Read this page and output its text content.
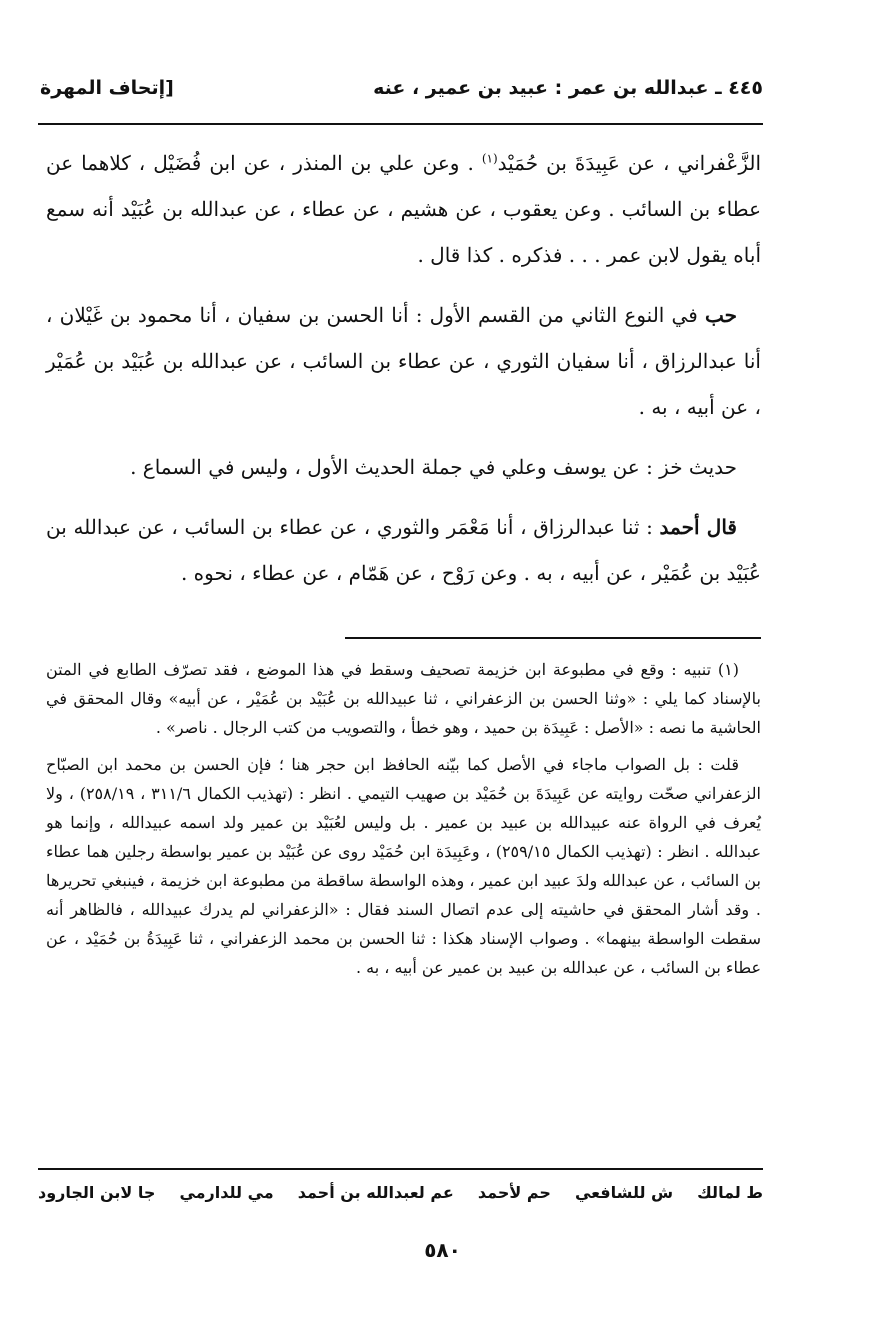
٤٤٥ ـ عبدالله بن عمر : عبيد بن عمير ، عنه
[إتحاف المهرة

الزَّعْفراني ، عن عَبِيدَةَ بن حُمَيْد$^{(١)}$ . وعن علي بن المنذر ، عن ابن فُضَيْل ، كلاهما عن عطاء بن السائب . وعن يعقوب ، عن هشيم ، عن عطاء ، عن عبدالله بن عُبَيْد أنه سمع أباه يقول لابن عمر . . . فذكره . كذا قال .

حب في النوع الثاني من القسم الأول : أنا الحسن بن سفيان ، أنا محمود بن غَيْلان ، أنا عبدالرزاق ، أنا سفيان الثوري ، عن عطاء بن السائب ، عن عبدالله بن عُبَيْد بن عُمَيْر ، عن أبيه ، به .

حديث خز : عن يوسف وعلي في جملة الحديث الأول ، وليس في السماع .

قال أحمد : ثنا عبدالرزاق ، أنا مَعْمَر والثوري ، عن عطاء بن السائب ، عن عبدالله بن عُبَيْد بن عُمَيْر ، عن أبيه ، به . وعن رَوْح ، عن هَمّام ، عن عطاء ، نحوه .

(١) تنبيه : وقع في مطبوعة ابن خزيمة تصحيف وسقط في هذا الموضع ، فقد تصرّف الطابع في المتن بالإسناد كما يلي : «وثنا الحسن بن الزعفراني ، ثنا عبيدالله بن عُبَيْد بن عُمَيْر ، عن أبيه» وقال المحقق في الحاشية ما نصه : «الأصل : عَبِيدَة بن حميد ، وهو خطأ ، والتصويب من كتب الرجال . ناصر» .

قلت : بل الصواب ماجاء في الأصل كما بيّنه الحافظ ابن حجر هنا ؛ فإن الحسن بن محمد ابن الصبّاح الزعفراني صحّت روايته عن عَبِيدَةَ بن حُمَيْد بن صهيب التيمي . انظر : (تهذيب الكمال ٣١١/٦ ، ٢٥٨/١٩) ، ولا يُعرف في الرواة عنه عبيدالله بن عبيد بن عمير . بل وليس لعُبَيْد بن عمير ولد اسمه عبيدالله ، وإنما هو عبدالله . انظر : (تهذيب الكمال ٢٥٩/١٥) ، وعَبِيدَة ابن حُمَيْد روى عن عُبَيْد بن عمير بواسطة رجلين هما عطاء بن السائب ، عن عبدالله ولدَ عبيد ابن عمير ، وهذه الواسطة ساقطة من مطبوعة ابن خزيمة ، فينبغي تحريرها . وقد أشار المحقق في حاشيته إلى عدم اتصال السند فقال : «الزعفراني لم يدرك عبيدالله ، فالظاهر أنه سقطت الواسطة بينهما» . وصواب الإسناد هكذا : ثنا الحسن بن محمد الزعفراني ، ثنا عَبِيدَةُ بن حُمَيْد ، عن عطاء بن السائب ، عن عبدالله بن عبيد بن عمير عن أبيه ، به .

ط لمالك
ش للشافعي
حم لأحمد
عم لعبدالله بن أحمد
مي للدارمي
جا لابن الجارود
٥٨٠
